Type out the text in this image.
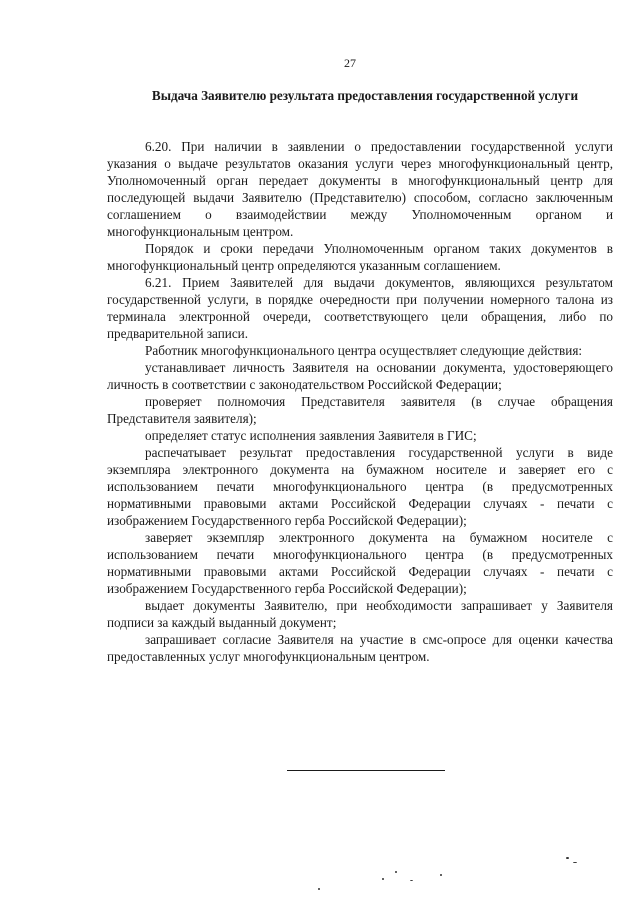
27
Выдача Заявителю результата предоставления государственной услуги

6.20. При наличии в заявлении о предоставлении государственной услуги указания о выдаче результатов оказания услуги через многофункциональный центр, Уполномоченный орган передает документы в многофункциональный центр для последующей выдачи Заявителю (Представителю) способом, согласно заключенным соглашением о взаимодействии между Уполномоченным органом и многофункциональным центром.

Порядок и сроки передачи Уполномоченным органом таких документов в многофункциональный центр определяются указанным соглашением.

6.21. Прием Заявителей для выдачи документов, являющихся результатом государственной услуги, в порядке очередности при получении номерного талона из терминала электронной очереди, соответствующего цели обращения, либо по предварительной записи.

Работник многофункционального центра осуществляет следующие действия:

устанавливает личность Заявителя на основании документа, удостоверяющего личность в соответствии с законодательством Российской Федерации;

проверяет полномочия Представителя заявителя (в случае обращения Представителя заявителя);

определяет статус исполнения заявления Заявителя в ГИС;

распечатывает результат предоставления государственной услуги в виде экземпляра электронного документа на бумажном носителе и заверяет его с использованием печати многофункционального центра (в предусмотренных нормативными правовыми актами Российской Федерации случаях - печати с изображением Государственного герба Российской Федерации);

заверяет экземпляр электронного документа на бумажном носителе с использованием печати многофункционального центра (в предусмотренных нормативными правовыми актами Российской Федерации случаях - печати с изображением Государственного герба Российской Федерации);

выдает документы Заявителю, при необходимости запрашивает у Заявителя подписи за каждый выданный документ;

запрашивает согласие Заявителя на участие в смс-опросе для оценки качества предоставленных услуг многофункциональным центром.
